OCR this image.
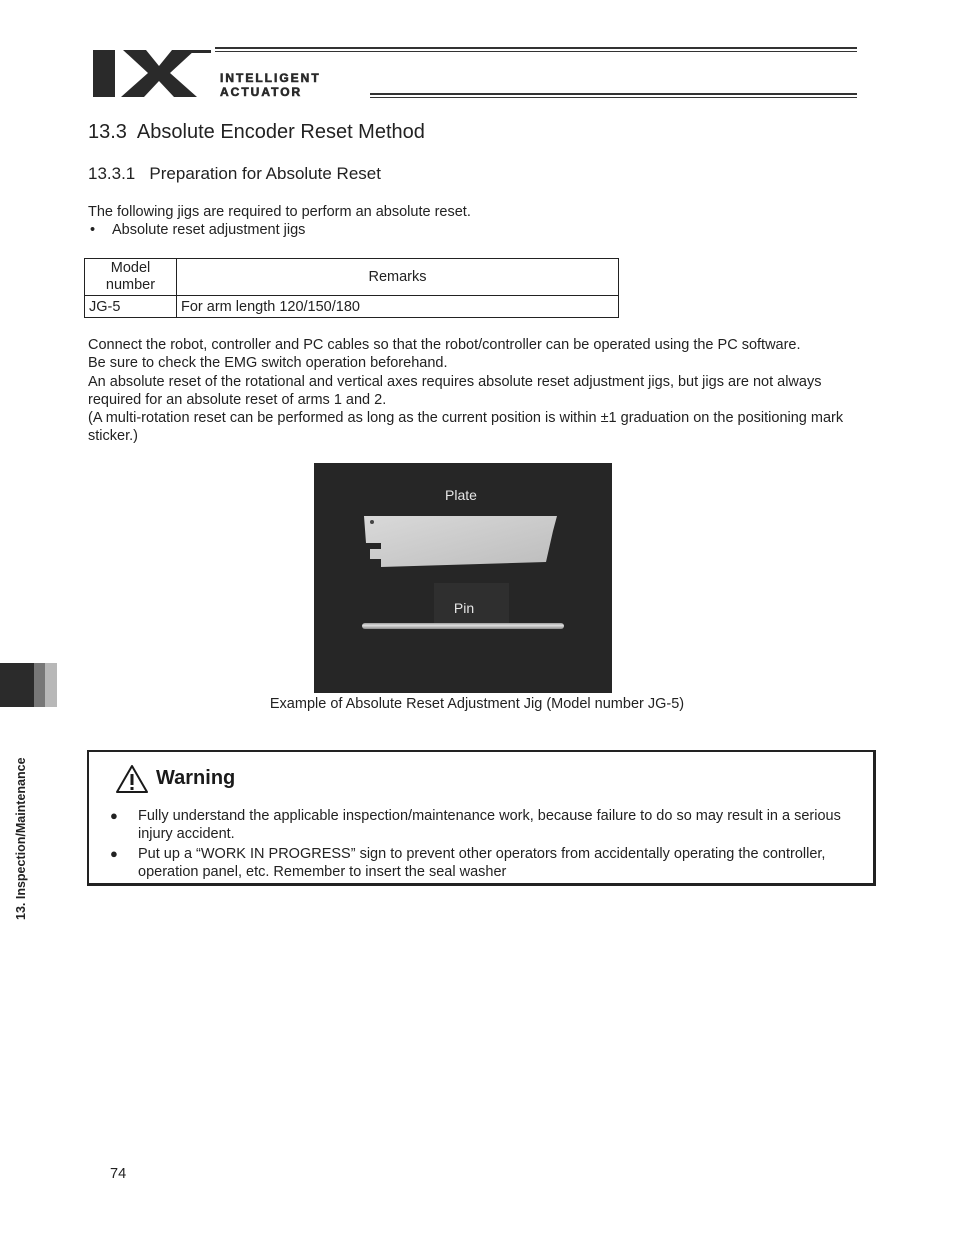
INTELLIGENT
ACTUATOR
13.3  Absolute Encoder Reset Method
13.3.1   Preparation for Absolute Reset
The following jigs are required to perform an absolute reset.
• Absolute reset adjustment jigs
Model number	Remarks
JG-5	For arm length 120/150/180
Connect the robot, controller and PC cables so that the robot/controller can be operated using the PC software.
Be sure to check the EMG switch operation beforehand.
An absolute reset of the rotational and vertical axes requires absolute reset adjustment jigs, but jigs are not always required for an absolute reset of arms 1 and 2.
(A multi-rotation reset can be performed as long as the current position is within ±1 graduation on the positioning mark sticker.)
Plate
Pin
Example of Absolute Reset Adjustment Jig (Model number JG-5)
13. Inspection/Maintenance	Warning
● Fully understand the applicable inspection/maintenance work, because failure to do so may result in a serious injury accident.
● Put up a “WORK IN PROGRESS” sign to prevent other operators from accidentally operating the controller, operation panel, etc. Remember to insert the seal washer
74
